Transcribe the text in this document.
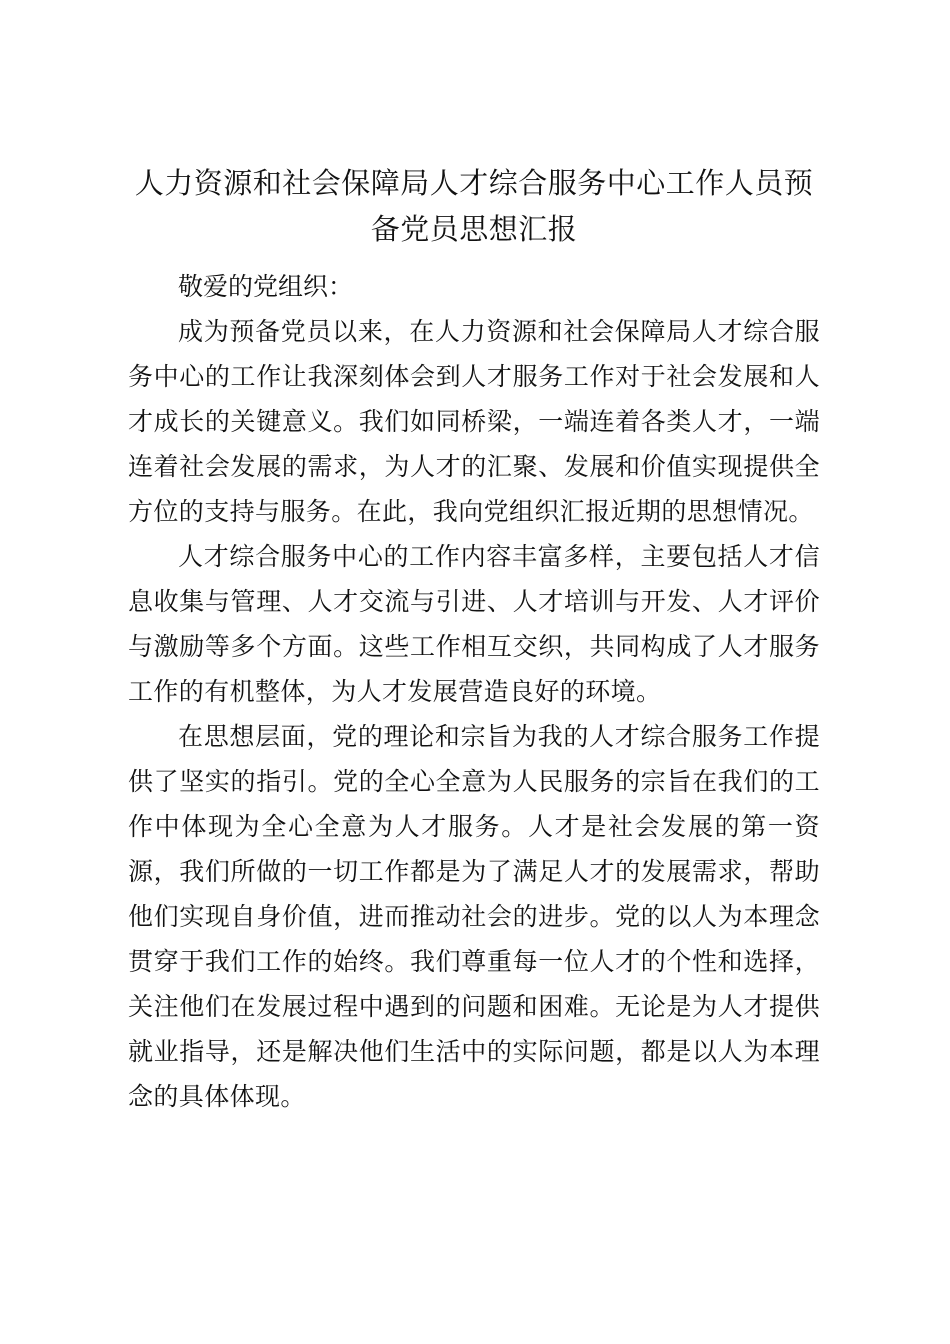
人力资源和社会保障局人才综合服务中心工作人员预备党员思想汇报

敬爱的党组织：

成为预备党员以来，在人力资源和社会保障局人才综合服务中心的工作让我深刻体会到人才服务工作对于社会发展和人才成长的关键意义。我们如同桥梁，一端连着各类人才，一端连着社会发展的需求，为人才的汇聚、发展和价值实现提供全方位的支持与服务。在此，我向党组织汇报近期的思想情况。

人才综合服务中心的工作内容丰富多样，主要包括人才信息收集与管理、人才交流与引进、人才培训与开发、人才评价与激励等多个方面。这些工作相互交织，共同构成了人才服务工作的有机整体，为人才发展营造良好的环境。

在思想层面，党的理论和宗旨为我的人才综合服务工作提供了坚实的指引。党的全心全意为人民服务的宗旨在我们的工作中体现为全心全意为人才服务。人才是社会发展的第一资源，我们所做的一切工作都是为了满足人才的发展需求，帮助他们实现自身价值，进而推动社会的进步。党的以人为本理念贯穿于我们工作的始终。我们尊重每一位人才的个性和选择，关注他们在发展过程中遇到的问题和困难。无论是为人才提供就业指导，还是解决他们生活中的实际问题，都是以人为本理念的具体体现。
